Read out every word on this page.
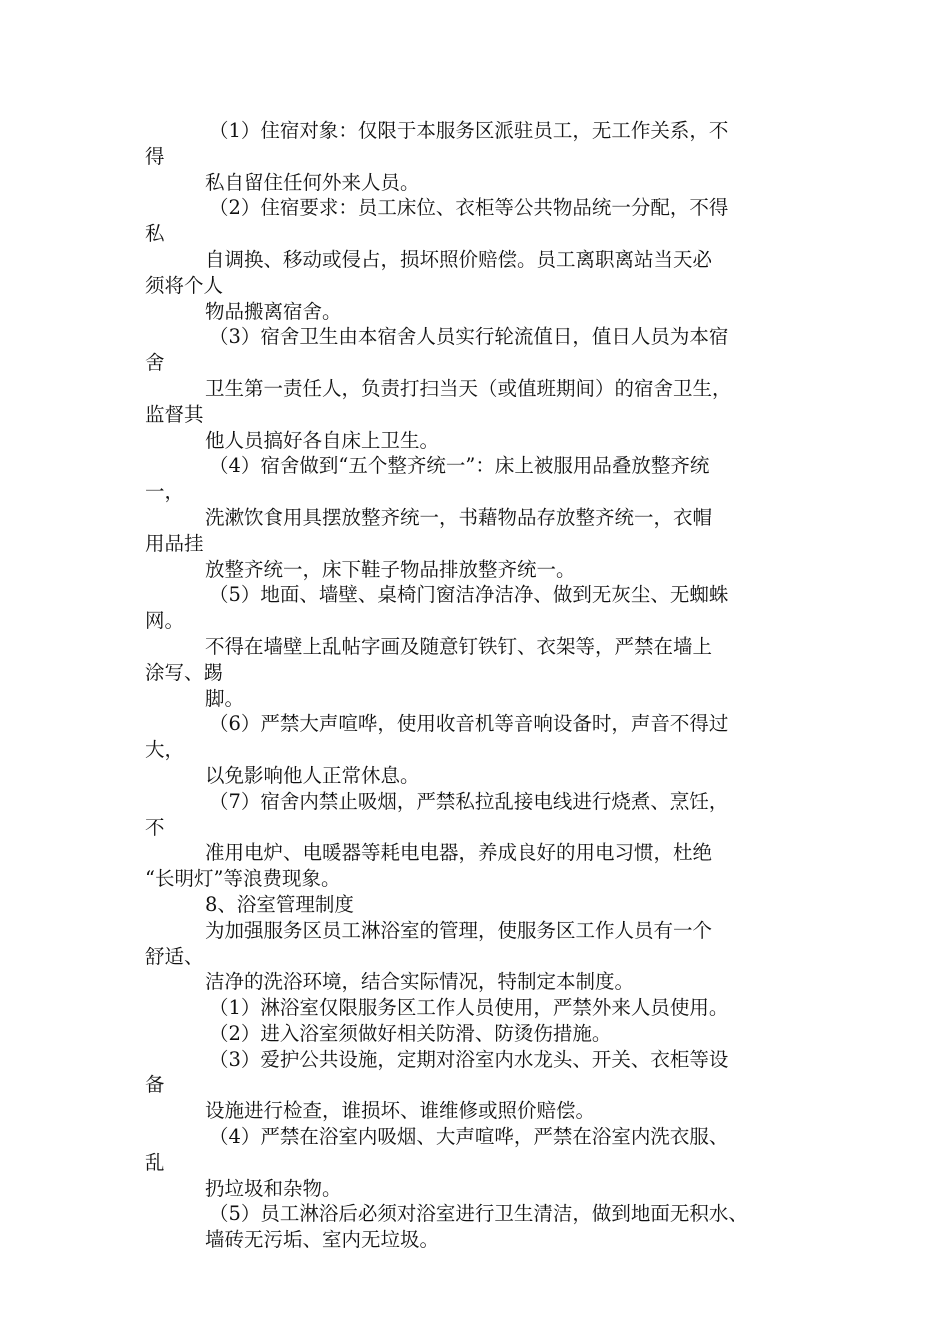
（1）住宿对象：仅限于本服务区派驻员工，无工作关系，不
得
私自留住任何外来人员。
（2）住宿要求：员工床位、衣柜等公共物品统一分配，不得
私
自调换、移动或侵占，损坏照价赔偿。员工离职离站当天必
须将个人
物品搬离宿舍。
（3）宿舍卫生由本宿舍人员实行轮流值日，值日人员为本宿
舍
卫生第一责任人，负责打扫当天（或值班期间）的宿舍卫生，
监督其
他人员搞好各自床上卫生。
（4）宿舍做到“五个整齐统一”：床上被服用品叠放整齐统
一，
洗漱饮食用具摆放整齐统一，书藉物品存放整齐统一，衣帽
用品挂
放整齐统一，床下鞋子物品排放整齐统一。
（5）地面、墙壁、桌椅门窗洁净洁净、做到无灰尘、无蜘蛛
网。
不得在墙壁上乱帖字画及随意钉铁钉、衣架等，严禁在墙上
涂写、踢
脚。
（6）严禁大声喧哗，使用收音机等音响设备时，声音不得过
大，
以免影响他人正常休息。
（7）宿舍内禁止吸烟，严禁私拉乱接电线进行烧煮、烹饪，
不
准用电炉、电暖器等耗电电器，养成良好的用电习惯，杜绝
“长明灯”等浪费现象。
8、浴室管理制度
为加强服务区员工淋浴室的管理，使服务区工作人员有一个
舒适、
洁净的洗浴环境，结合实际情况，特制定本制度。
（1）淋浴室仅限服务区工作人员使用，严禁外来人员使用。
（2）进入浴室须做好相关防滑、防烫伤措施。
（3）爱护公共设施，定期对浴室内水龙头、开关、衣柜等设
备
设施进行检查，谁损坏、谁维修或照价赔偿。
（4）严禁在浴室内吸烟、大声喧哗，严禁在浴室内洗衣服、
乱
扔垃圾和杂物。
（5）员工淋浴后必须对浴室进行卫生清洁，做到地面无积水、
墙砖无污垢、室内无垃圾。
